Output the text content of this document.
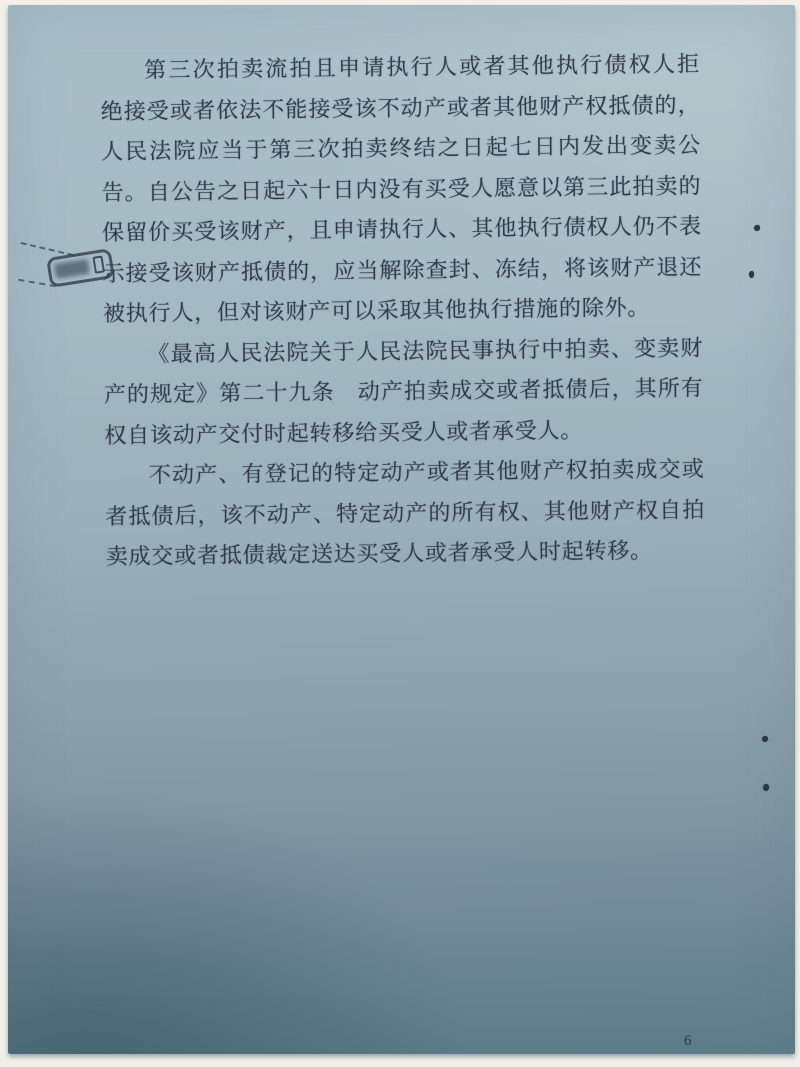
第三次拍卖流拍且申请执行人或者其他执行债权人拒
绝接受或者依法不能接受该不动产或者其他财产权抵债的，
人民法院应当于第三次拍卖终结之日起七日内发出变卖公
告。自公告之日起六十日内没有买受人愿意以第三此拍卖的
保留价买受该财产，且申请执行人、其他执行债权人仍不表
示接受该财产抵债的，应当解除查封、冻结，将该财产退还
被执行人，但对该财产可以采取其他执行措施的除外。
《最高人民法院关于人民法院民事执行中拍卖、变卖财
产的规定》第二十九条　动产拍卖成交或者抵债后，其所有
权自该动产交付时起转移给买受人或者承受人。
不动产、有登记的特定动产或者其他财产权拍卖成交或
者抵债后，该不动产、特定动产的所有权、其他财产权自拍
卖成交或者抵债裁定送达买受人或者承受人时起转移。
6
